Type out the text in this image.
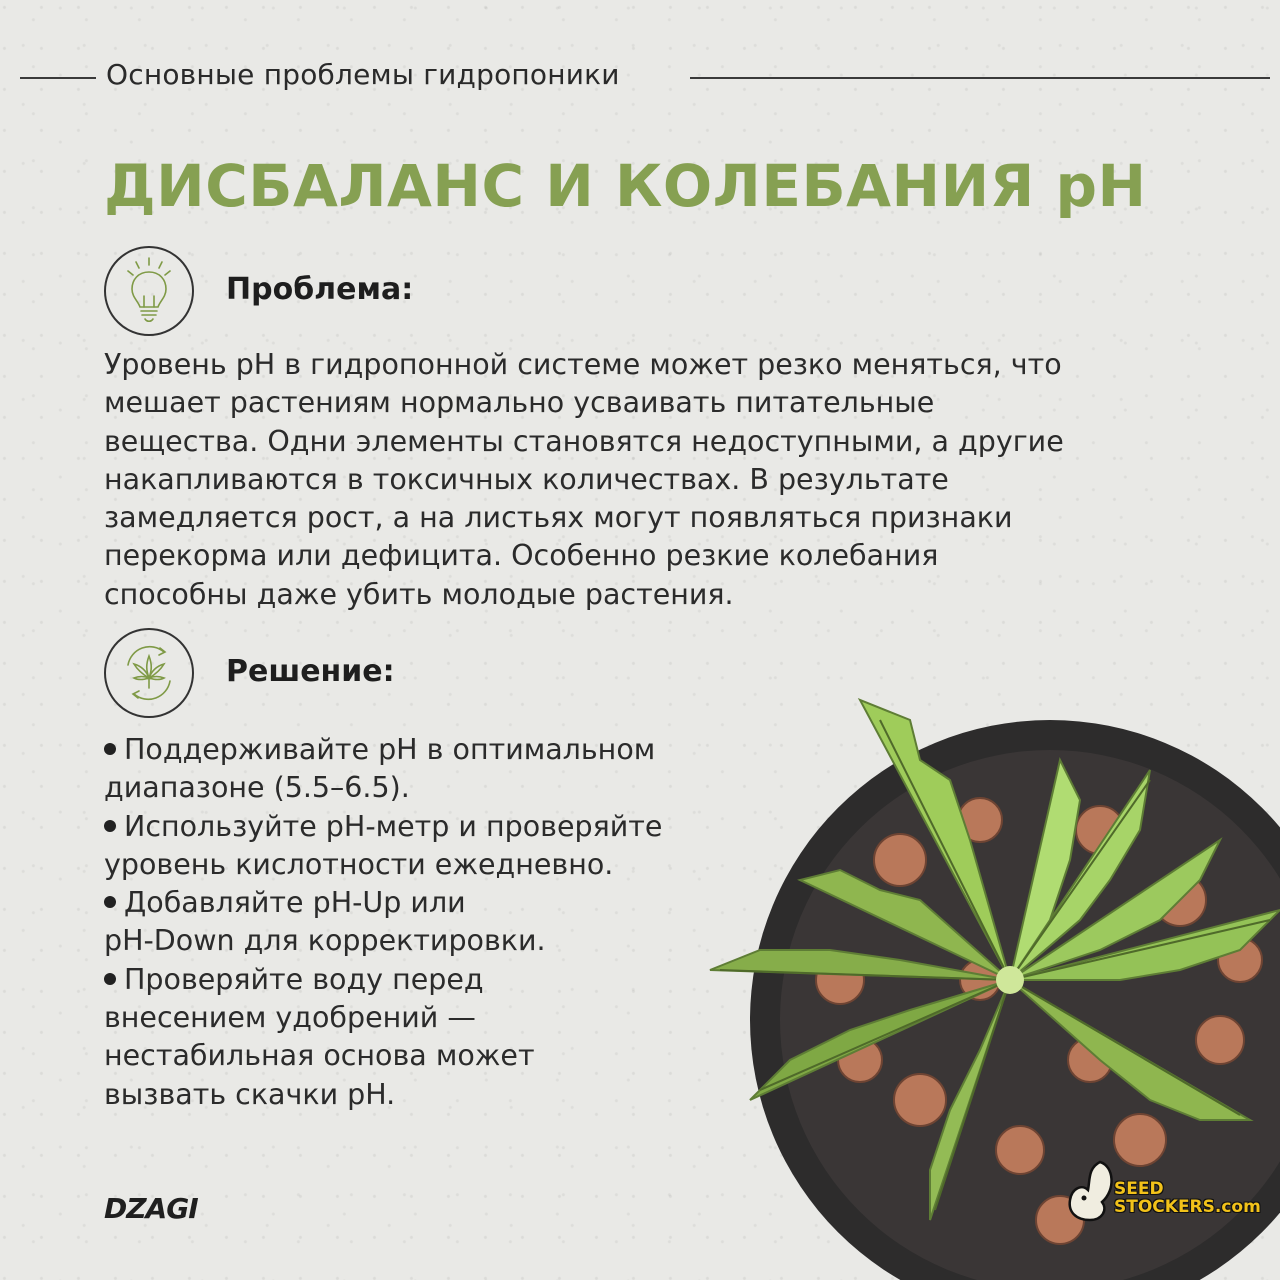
Основные проблемы гидропоники
ДИСБАЛАНС И КОЛЕБАНИЯ pH
Проблема:
Уровень pH в гидропонной системе может резко меняться, что
мешает растениям нормально усваивать питательные
вещества. Одни элементы становятся недоступными, а другие
накапливаются в токсичных количествах. В результате
замедляется рост, а на листьях могут появляться признаки
перекорма или дефицита. Особенно резкие колебания
способны даже убить молодые растения.
Решение:
Поддерживайте pH в оптимальном
диапазоне (5.5–6.5).
Используйте pH-метр и проверяйте
уровень кислотности ежедневно.
Добавляйте pH-Up или
pH-Down для корректировки.
Проверяйте воду перед
внесением удобрений —
нестабильная основа может
вызвать скачки pH.
DZAGI
SEED
STOCKERS.com
